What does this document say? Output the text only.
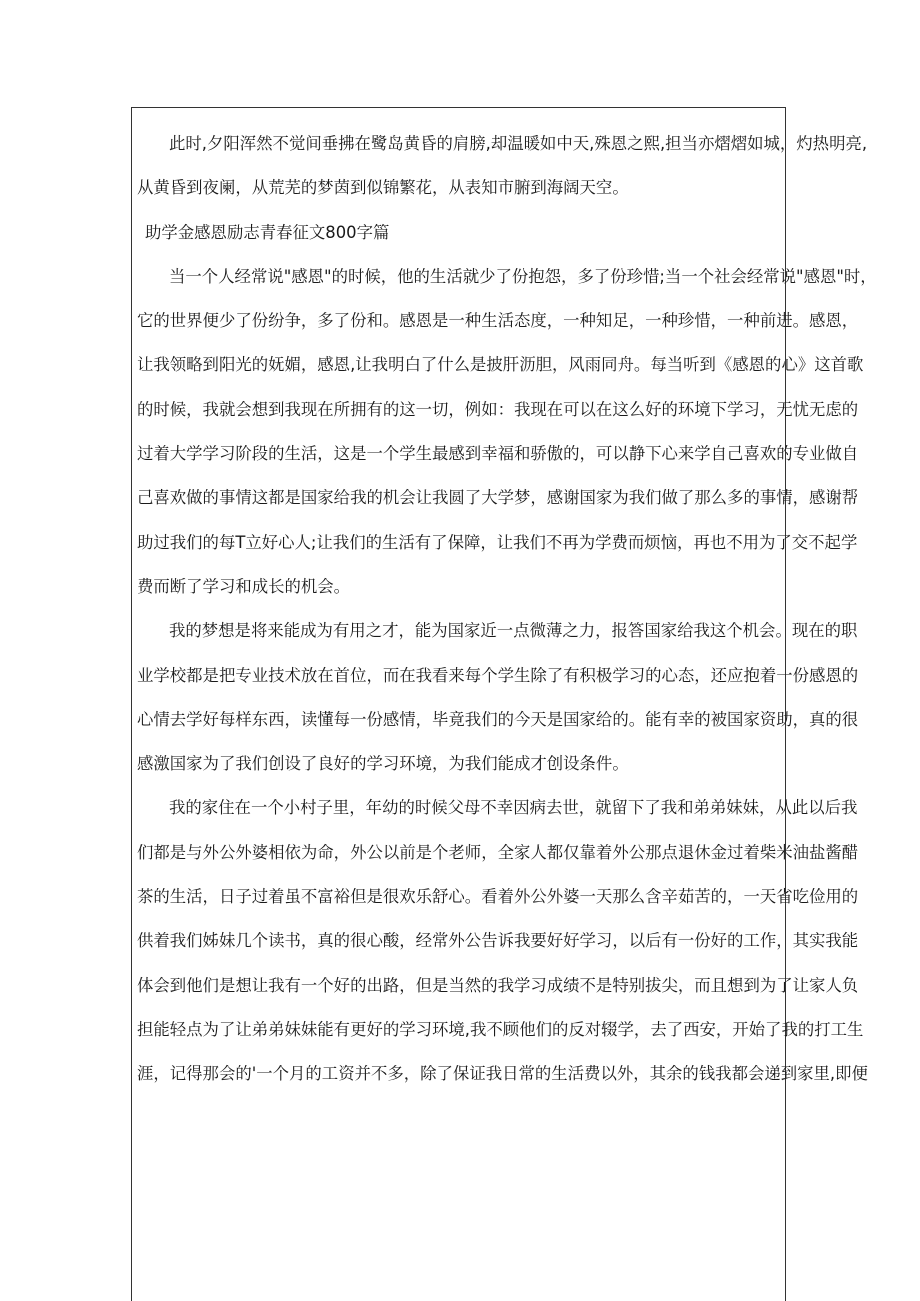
此时,夕阳浑然不觉间垂拂在鹭岛黄昏的肩膀,却温暖如中天,殊恩之熙,担当亦熠熠如城，灼热明亮,
从黄昏到夜阑，从荒芜的梦茵到似锦繁花，从表知市腑到海阔天空。
助学金感恩励志青春征文800字篇
当一个人经常说"感恩"的时候，他的生活就少了份抱怨，多了份珍惜;当一个社会经常说"感恩"时，
它的世界便少了份纷争，多了份和。感恩是一种生活态度，一种知足，一种珍惜，一种前进。感恩，
让我领略到阳光的妩媚，感恩,让我明白了什么是披肝沥胆，风雨同舟。每当听到《感恩的心》这首歌
的时候，我就会想到我现在所拥有的这一切，例如：我现在可以在这么好的环境下学习，无忧无虑的
过着大学学习阶段的生活，这是一个学生最感到幸福和骄傲的，可以静下心来学自己喜欢的专业做自
己喜欢做的事情这都是国家给我的机会让我圆了大学梦，感谢国家为我们做了那么多的事情，感谢帮
助过我们的每T立好心人;让我们的生活有了保障，让我们不再为学费而烦恼，再也不用为了交不起学
费而断了学习和成长的机会。
我的梦想是将来能成为有用之才，能为国家近一点微薄之力，报答国家给我这个机会。现在的职
业学校都是把专业技术放在首位，而在我看来每个学生除了有积极学习的心态，还应抱着一份感恩的
心情去学好每样东西，读懂每一份感情，毕竟我们的今天是国家给的。能有幸的被国家资助，真的很
感激国家为了我们创设了良好的学习环境，为我们能成才创设条件。
我的家住在一个小村子里，年幼的时候父母不幸因病去世，就留下了我和弟弟妹妹，从此以后我
们都是与外公外婆相依为命，外公以前是个老师，全家人都仅靠着外公那点退休金过着柴米油盐酱醋
茶的生活，日子过着虽不富裕但是很欢乐舒心。看着外公外婆一天那么含辛茹苦的，一天省吃俭用的
供着我们姊妹几个读书，真的很心酸，经常外公告诉我要好好学习，以后有一份好的工作，其实我能
体会到他们是想让我有一个好的出路，但是当然的我学习成绩不是特别拔尖，而且想到为了让家人负
担能轻点为了让弟弟妹妹能有更好的学习环境,我不顾他们的反对辍学，去了西安，开始了我的打工生
涯，记得那会的'一个月的工资并不多，除了保证我日常的生活费以外，其余的钱我都会递到家里,即便
